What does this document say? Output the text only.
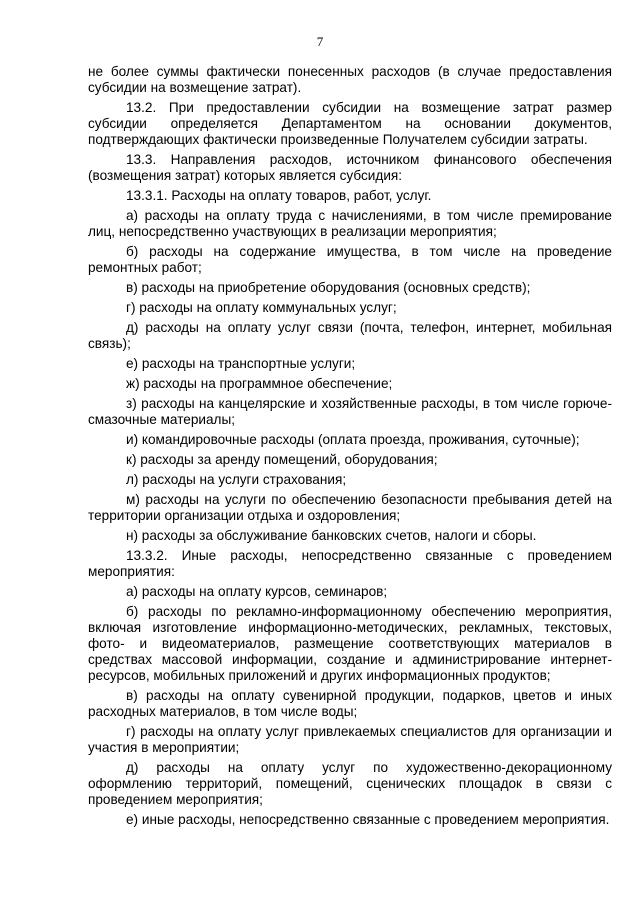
7

не более суммы фактически понесенных расходов (в случае предоставления субсидии на возмещение затрат).

13.2. При предоставлении субсидии на возмещение затрат размер субсидии определяется Департаментом на основании документов, подтверждающих фактически произведенные Получателем субсидии затраты.

13.3. Направления расходов, источником финансового обеспечения (возмещения затрат) которых является субсидия:

13.3.1. Расходы на оплату товаров, работ, услуг.

а) расходы на оплату труда с начислениями, в том числе премирование лиц, непосредственно участвующих в реализации мероприятия;

б) расходы на содержание имущества, в том числе на проведение ремонтных работ;

в) расходы на приобретение оборудования (основных средств);

г) расходы на оплату коммунальных услуг;

д) расходы на оплату услуг связи (почта, телефон, интернет, мобильная связь);

е) расходы на транспортные услуги;

ж) расходы на программное обеспечение;

з) расходы на канцелярские и хозяйственные расходы, в том числе горюче-смазочные материалы;

и) командировочные расходы (оплата проезда, проживания, суточные);

к) расходы за аренду помещений, оборудования;

л) расходы на услуги страхования;

м) расходы на услуги по обеспечению безопасности пребывания детей на территории организации отдыха и оздоровления;

н) расходы за обслуживание банковских счетов, налоги и сборы.

13.3.2. Иные расходы, непосредственно связанные с проведением мероприятия:

а) расходы на оплату курсов, семинаров;

б) расходы по рекламно-информационному обеспечению мероприятия, включая изготовление информационно-методических, рекламных, текстовых, фото- и видеоматериалов, размещение соответствующих материалов в средствах массовой информации, создание и администрирование интернет-ресурсов, мобильных приложений и других информационных продуктов;

в) расходы на оплату сувенирной продукции, подарков, цветов и иных расходных материалов, в том числе воды;

г) расходы на оплату услуг привлекаемых специалистов для организации и участия в мероприятии;

д) расходы на оплату услуг по художественно-декорационному оформлению территорий, помещений, сценических площадок в связи с проведением мероприятия;

е) иные расходы, непосредственно связанные с проведением мероприятия.
